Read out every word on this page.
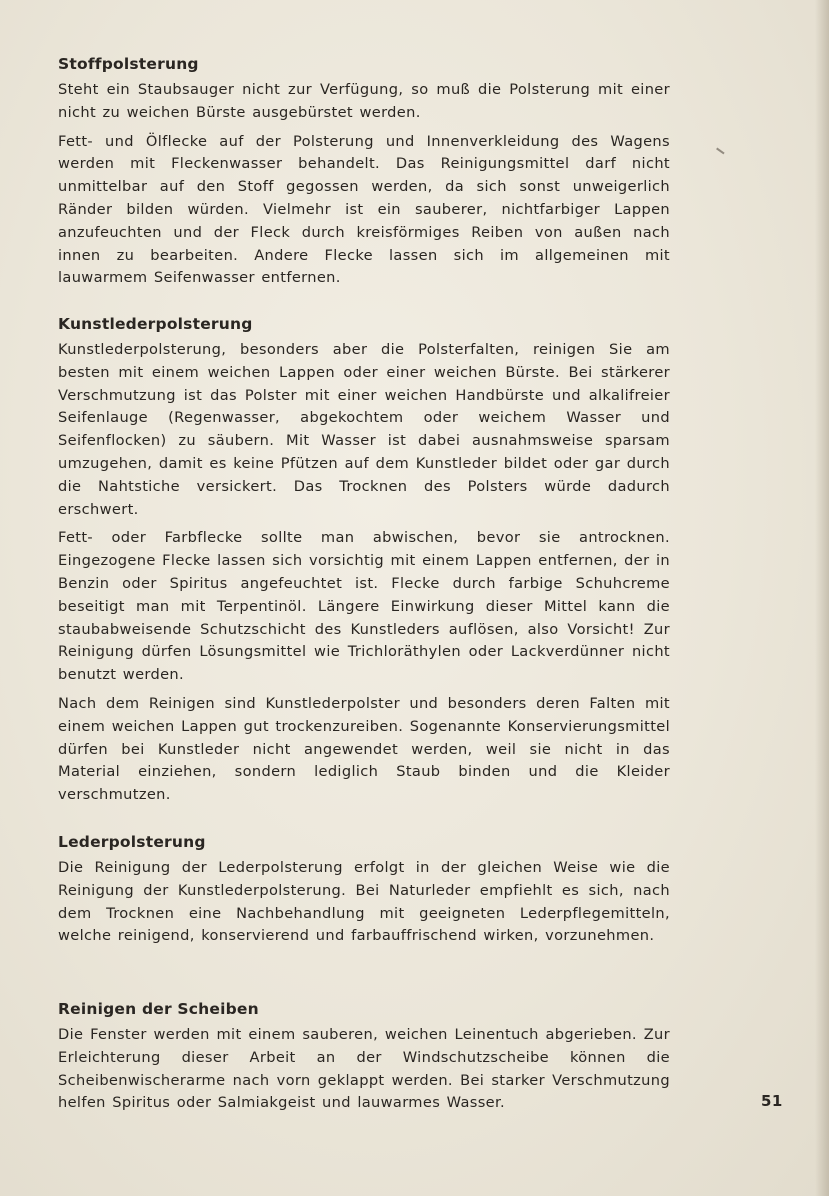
Stoffpolsterung

Steht ein Staubsauger nicht zur Verfügung, so muß die Polsterung mit einer nicht zu weichen Bürste ausgebürstet werden.

Fett- und Ölflecke auf der Polsterung und Innenverkleidung des Wagens werden mit Fleckenwasser behandelt. Das Reinigungsmittel darf nicht unmittelbar auf den Stoff gegossen werden, da sich sonst unweigerlich Ränder bilden würden. Vielmehr ist ein sauberer, nichtfarbiger Lappen anzufeuchten und der Fleck durch kreisförmiges Reiben von außen nach innen zu bearbeiten. Andere Flecke lassen sich im allgemeinen mit lauwarmem Seifenwasser entfernen.

Kunstlederpolsterung

Kunstlederpolsterung, besonders aber die Polsterfalten, reinigen Sie am besten mit einem weichen Lappen oder einer weichen Bürste. Bei stärkerer Verschmutzung ist das Polster mit einer weichen Handbürste und alkalifreier Seifenlauge (Regenwasser, abgekochtem oder weichem Wasser und Seifenflocken) zu säubern. Mit Wasser ist dabei ausnahmsweise sparsam umzugehen, damit es keine Pfützen auf dem Kunstleder bildet oder gar durch die Nahtstiche versickert. Das Trocknen des Polsters würde dadurch erschwert.

Fett- oder Farbflecke sollte man abwischen, bevor sie antrocknen. Eingezogene Flecke lassen sich vorsichtig mit einem Lappen entfernen, der in Benzin oder Spiritus angefeuchtet ist. Flecke durch farbige Schuhcreme beseitigt man mit Terpentinöl. Längere Einwirkung dieser Mittel kann die staubabweisende Schutzschicht des Kunstleders auflösen, also Vorsicht! Zur Reinigung dürfen Lösungsmittel wie Trichloräthylen oder Lackverdünner nicht benutzt werden.

Nach dem Reinigen sind Kunstlederpolster und besonders deren Falten mit einem weichen Lappen gut trockenzureiben. Sogenannte Konservierungsmittel dürfen bei Kunstleder nicht angewendet werden, weil sie nicht in das Material einziehen, sondern lediglich Staub binden und die Kleider verschmutzen.

Lederpolsterung

Die Reinigung der Lederpolsterung erfolgt in der gleichen Weise wie die Reinigung der Kunstlederpolsterung. Bei Naturleder empfiehlt es sich, nach dem Trocknen eine Nachbehandlung mit geeigneten Lederpflegemitteln, welche reinigend, konservierend und farbauffrischend wirken, vorzunehmen.

Reinigen der Scheiben

Die Fenster werden mit einem sauberen, weichen Leinentuch abgerieben. Zur Erleichterung dieser Arbeit an der Windschutzscheibe können die Scheibenwischerarme nach vorn geklappt werden. Bei starker Verschmutzung helfen Spiritus oder Salmiakgeist und lauwarmes Wasser.	51
